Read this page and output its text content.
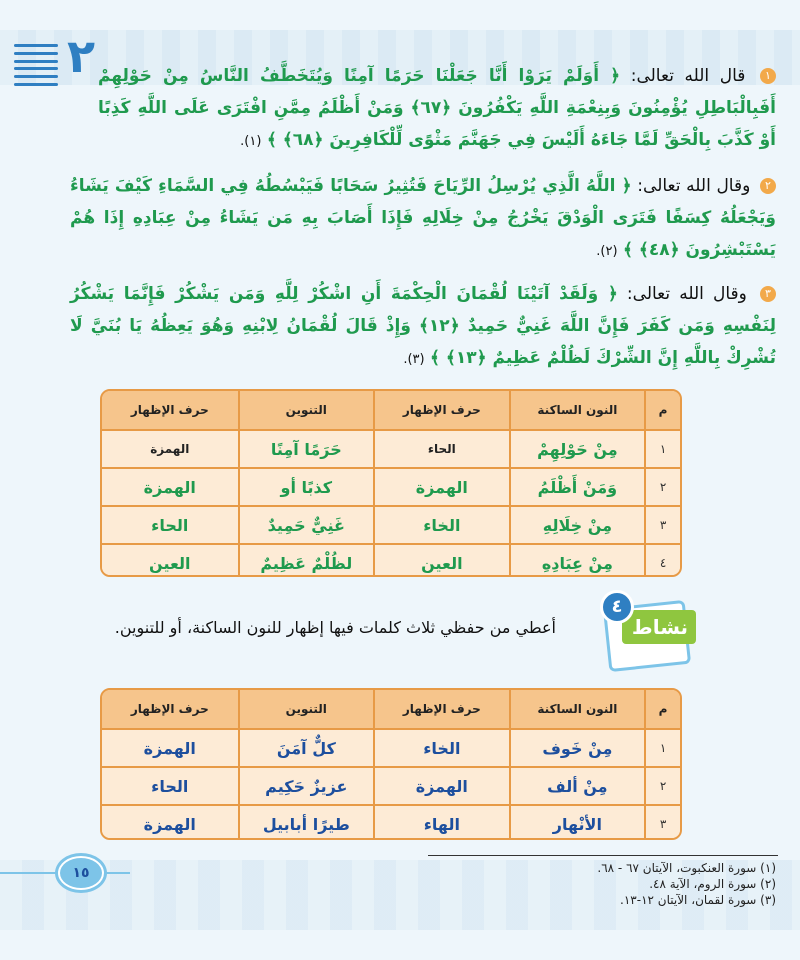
٢	١ قال الله تعالى: ﴿ أَوَلَمْ يَرَوْا أَنَّا جَعَلْنَا حَرَمًا آمِنًا وَيُتَخَطَّفُ النَّاسُ مِنْ حَوْلِهِمْ أَفَبِالْبَاطِلِ يُؤْمِنُونَ وَبِنِعْمَةِ اللَّهِ يَكْفُرُونَ ﴿٦٧﴾ وَمَنْ أَظْلَمُ مِمَّنِ افْتَرَى عَلَى اللَّهِ كَذِبًا أَوْ كَذَّبَ بِالْحَقِّ لَمَّا جَاءَهُ أَلَيْسَ فِي جَهَنَّمَ مَثْوًى لِّلْكَافِرِينَ ﴿٦٨﴾ ﴾ (١).

٢ وقال الله تعالى: ﴿ اللَّهُ الَّذِي يُرْسِلُ الرِّيَاحَ فَتُثِيرُ سَحَابًا فَيَبْسُطُهُ فِي السَّمَاءِ كَيْفَ يَشَاءُ وَيَجْعَلُهُ كِسَفًا فَتَرَى الْوَدْقَ يَخْرُجُ مِنْ خِلَالِهِ فَإِذَا أَصَابَ بِهِ مَن يَشَاءُ مِنْ عِبَادِهِ إِذَا هُمْ يَسْتَبْشِرُونَ ﴿٤٨﴾ ﴾ (٢).

٣ وقال الله تعالى: ﴿ وَلَقَدْ آتَيْنَا لُقْمَانَ الْحِكْمَةَ أَنِ اشْكُرْ لِلَّهِ وَمَن يَشْكُرْ فَإِنَّمَا يَشْكُرُ لِنَفْسِهِ وَمَن كَفَرَ فَإِنَّ اللَّهَ غَنِيٌّ حَمِيدٌ ﴿١٢﴾ وَإِذْ قَالَ لُقْمَانُ لِابْنِهِ وَهُوَ يَعِظُهُ يَا بُنَيَّ لَا تُشْرِكْ بِاللَّهِ إِنَّ الشِّرْكَ لَظُلْمٌ عَظِيمٌ ﴿١٣﴾ ﴾ (٣).

م
النون الساكنة
حرف الإظهار
التنوين
حرف الإظهار
١
مِنْ حَوْلِهِمْ
الحاء
حَرَمًا آمِنًا
الهمزة
٢
وَمَنْ أَظْلَمُ
الهمزة
كذبًا أو
الهمزة
٣
مِنْ خِلَالِهِ
الخاء
غَنِيٌّ حَمِيدٌ
الحاء
٤
مِنْ عِبَادِهِ
العين
لظُلْمٌ عَظِيمٌ
العين
نشاط
٤

أعطي من حفظي ثلاث كلمات فيها إظهار للنون الساكنة، أو للتنوين.

م
النون الساكنة
حرف الإظهار
التنوين
حرف الإظهار
١
مِنْ خَوف
الخاء
كلٌّ آمَنَ
الهمزة
٢
مِنْ ألف
الهمزة
عزيزٌ حَكِيم
الحاء
٣
الأنْهار
الهاء
طيرًا أبابيل
الهمزة
(١) سورة العنكبوت، الآيتان ٦٧ - ٦٨.
(٢) سورة الروم، الآية ٤٨.
(٣) سورة لقمان، الآيتان ١٢-١٣.
١٥
